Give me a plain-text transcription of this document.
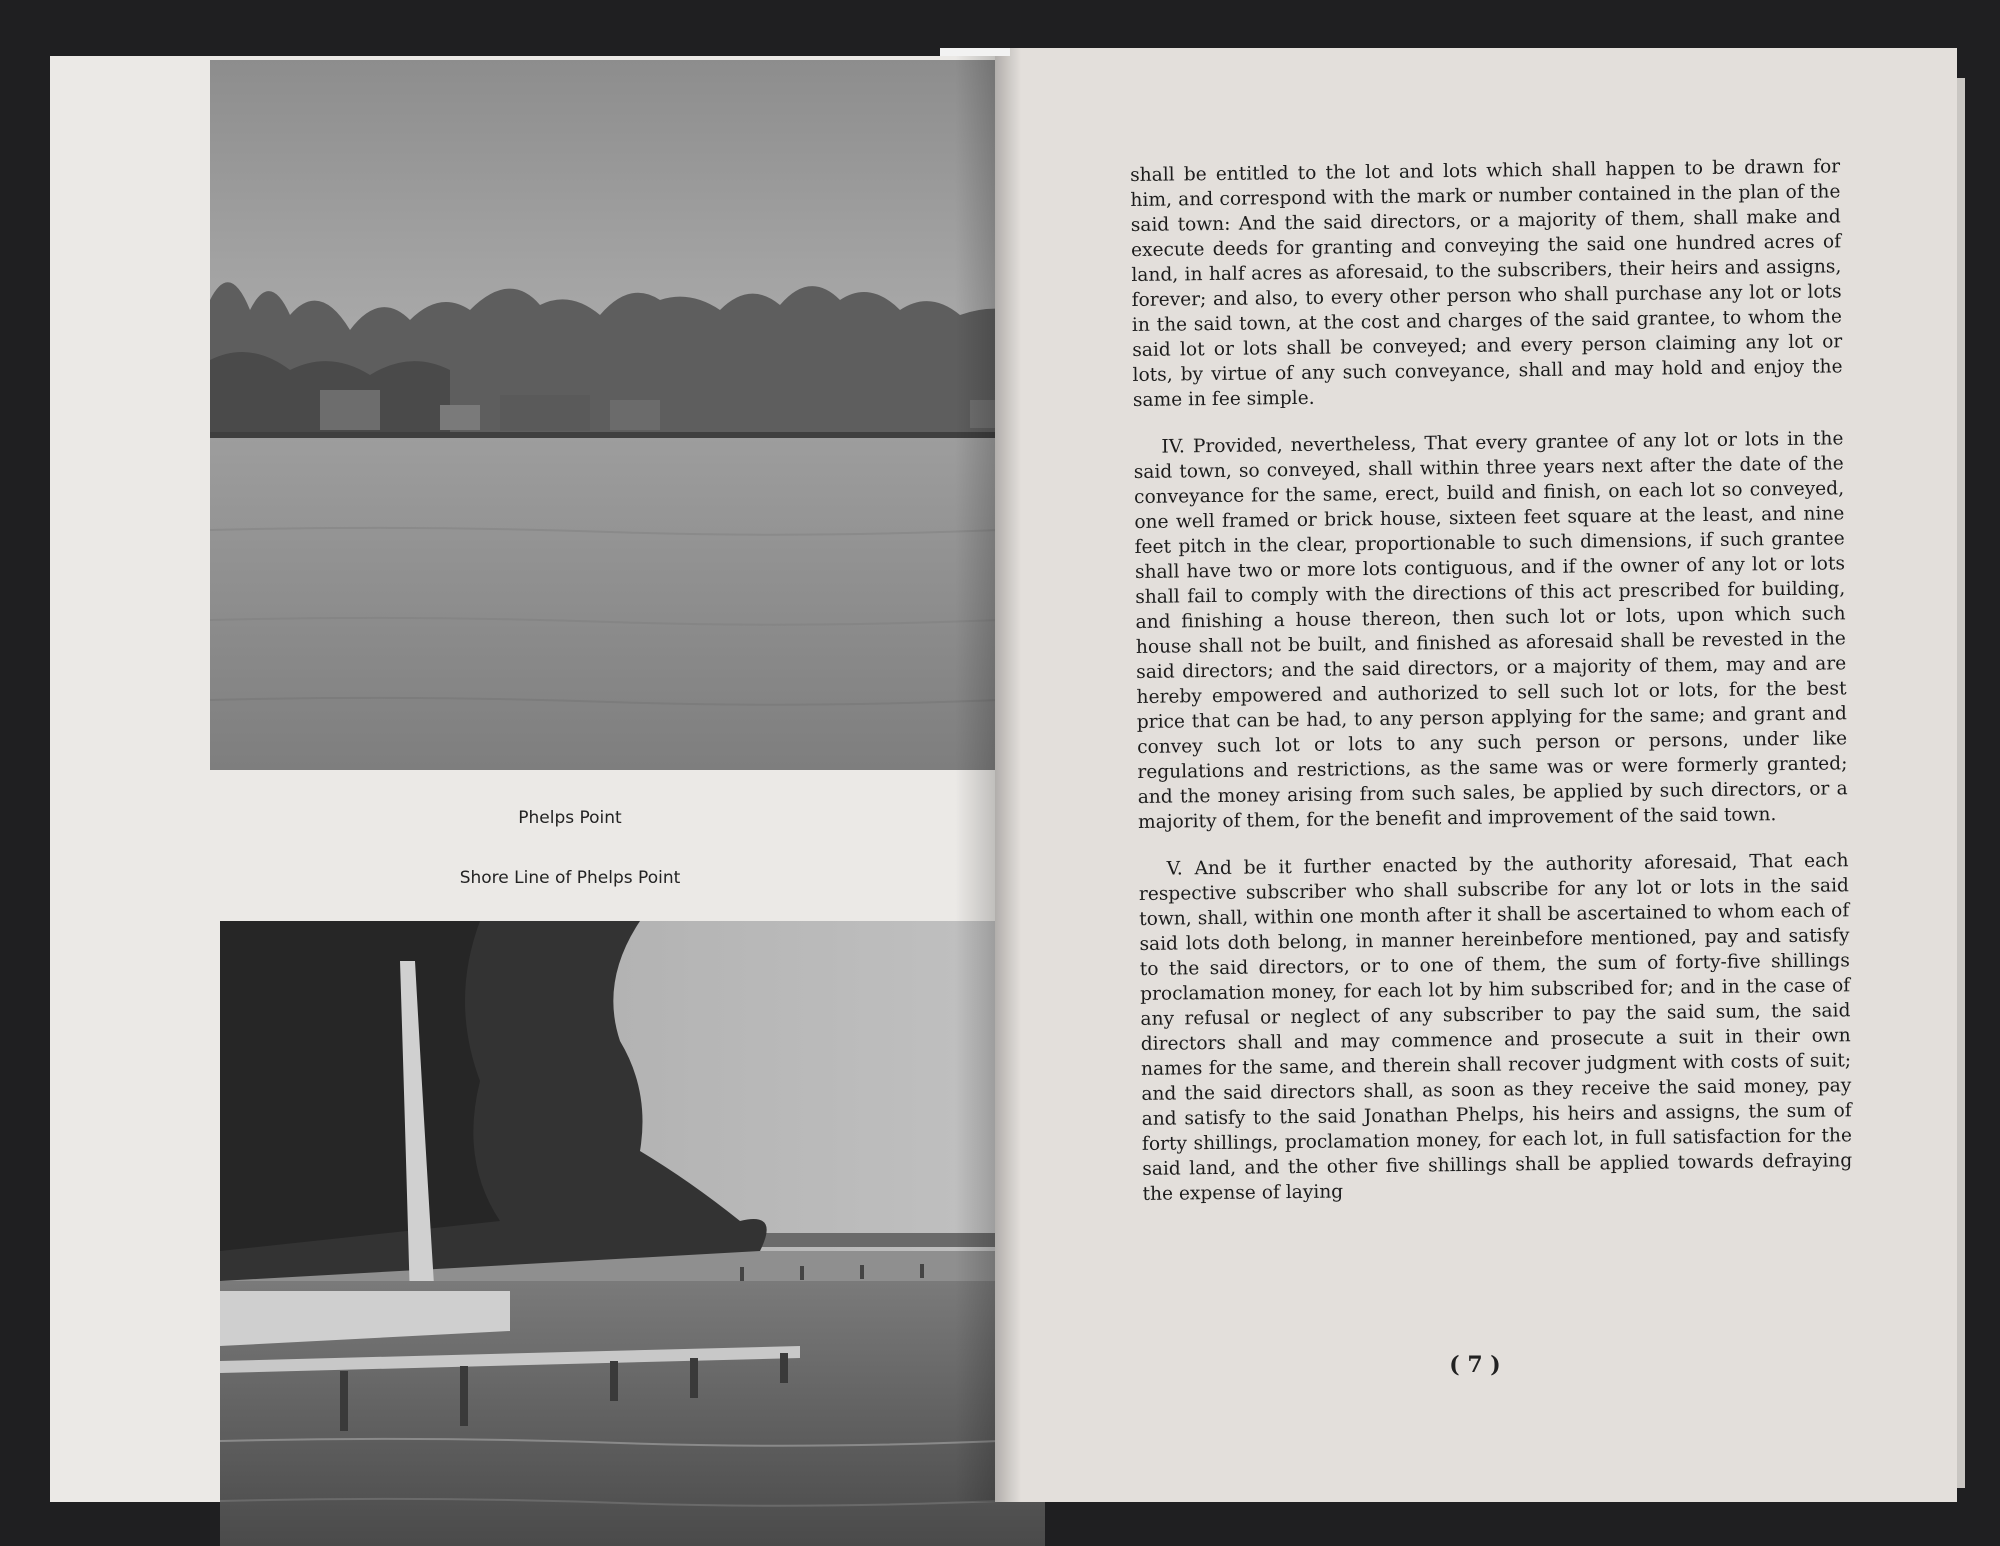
Phelps Point
Shore Line of Phelps Point

shall be entitled to the lot and lots which shall happen to be drawn for him, and correspond with the mark or number contained in the plan of the said town: And the said directors, or a majority of them, shall make and execute deeds for granting and conveying the said one hundred acres of land, in half acres as aforesaid, to the subscribers, their heirs and assigns, forever; and also, to every other person who shall purchase any lot or lots in the said town, at the cost and charges of the said grantee, to whom the said lot or lots shall be conveyed; and every person claiming any lot or lots, by virtue of any such conveyance, shall and may hold and enjoy the same in fee simple.

IV. Provided, nevertheless, That every grantee of any lot or lots in the said town, so conveyed, shall within three years next after the date of the conveyance for the same, erect, build and finish, on each lot so conveyed, one well framed or brick house, sixteen feet square at the least, and nine feet pitch in the clear, proportionable to such dimensions, if such grantee shall have two or more lots contiguous, and if the owner of any lot or lots shall fail to comply with the directions of this act prescribed for building, and finishing a house thereon, then such lot or lots, upon which such house shall not be built, and finished as aforesaid shall be revested in the said directors; and the said directors, or a majority of them, may and are hereby empowered and authorized to sell such lot or lots, for the best price that can be had, to any person applying for the same; and grant and convey such lot or lots to any such person or persons, under like regulations and restrictions, as the same was or were formerly granted; and the money arising from such sales, be applied by such directors, or a majority of them, for the benefit and improvement of the said town.

V. And be it further enacted by the authority aforesaid, That each respective subscriber who shall subscribe for any lot or lots in the said town, shall, within one month after it shall be ascertained to whom each of said lots doth belong, in manner hereinbefore mentioned, pay and satisfy to the said directors, or to one of them, the sum of forty-five shillings proclamation money, for each lot by him subscribed for; and in the case of any refusal or neglect of any subscriber to pay the said sum, the said directors shall and may commence and prosecute a suit in their own names for the same, and therein shall recover judgment with costs of suit; and the said directors shall, as soon as they receive the said money, pay and satisfy to the said Jonathan Phelps, his heirs and assigns, the sum of forty shillings, proclamation money, for each lot, in full satisfaction for the said land, and the other five shillings shall be applied towards defraying the expense of laying

( 7 )
